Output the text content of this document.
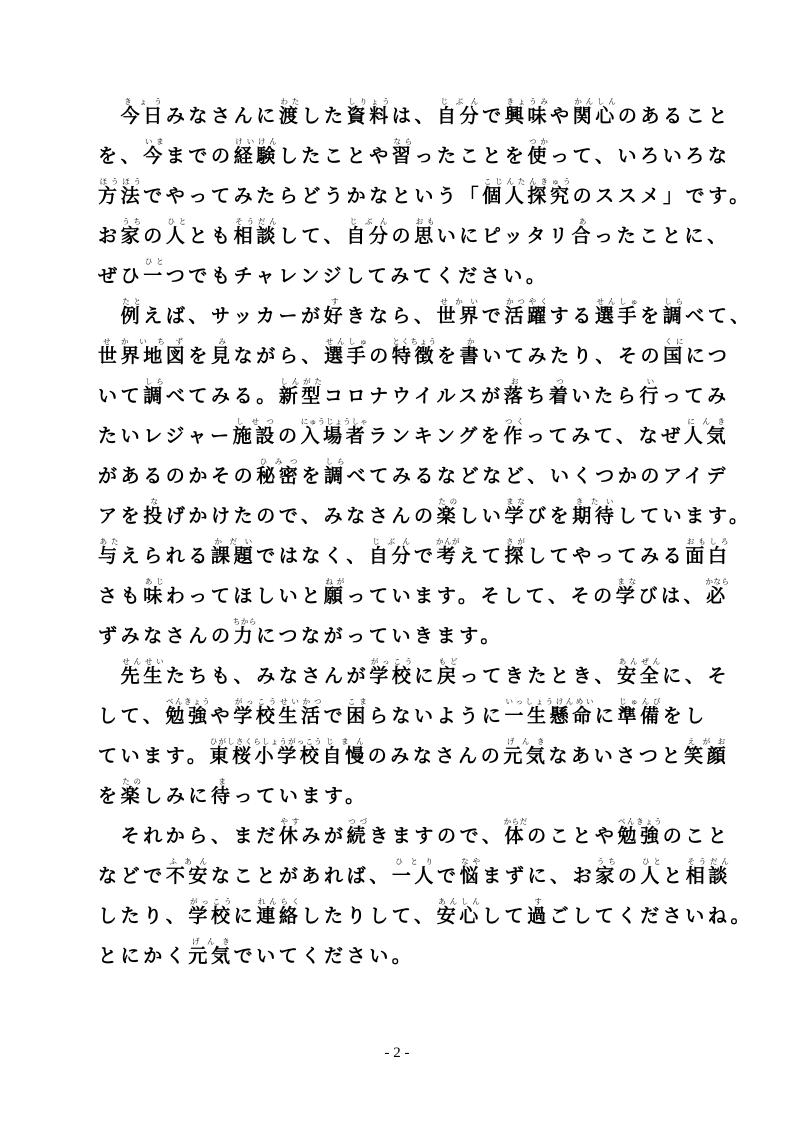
　今日きょうみなさんに渡わたした資料しりょうは、自分じぶんで興味きょうみや関心かんしんのあること
を、今いままでの経験けいけんしたことや習ならったことを使つかって、いろいろな
方法ほうほうでやってみたらどうかなという「個人探究こじんたんきゅうのススメ」です。
お家うちの人ひととも相談そうだんして、自分じぶんの思おもいにピッタリ合あったことに、
ぜひ一ひとつでもチャレンジしてみてください。
　例たとえば、サッカーが好すきなら、世界せかいで活躍かつやくする選手せんしゅを調しらべて、
世界地図せかいちずを見みながら、選手せんしゅの特徴とくちょうを書かいてみたり、その国くににつ
いて調しらべてみる。新型しんがたコロナウイルスが落おち着ついたら行いってみ
たいレジャー施設しせつの入場者にゅうじょうしゃランキングを作つくってみて、なぜ人気にんき
があるのかその秘密ひみつを調しらべてみるなどなど、いくつかのアイデ
アを投なげかけたので、みなさんの楽たのしい学まなびを期待きたいしています。
与あたえられる課題かだいではなく、自分じぶんで考かんがえて探さがしてやってみる面白おもしろ
さも味あじわってほしいと願ねがっています。そして、その学まなびは、必かなら
ずみなさんの力ちからにつながっていきます。
　先生せんせいたちも、みなさんが学校がっこうに戻もどってきたとき、安全あんぜんに、そ
して、勉強べんきょうや学校生活がっこうせいかつで困こまらないように一生懸命いっしょうけんめいに準備じゅんびをし
ています。東桜小学校ひがしさくらしょうがっこう自慢じまんのみなさんの元気げんきなあいさつと笑顔えがお
を楽たのしみに待まっています。
　それから、まだ休やすみが続つづきますので、体からだのことや勉強べんきょうのこと
などで不安ふあんなことがあれば、一人ひとりで悩なやまずに、お家うちの人ひとと相談そうだん
したり、学校がっこうに連絡れんらくしたりして、安心あんしんして過すごしてくださいね。
とにかく元気げんきでいてください。
- 2 -
